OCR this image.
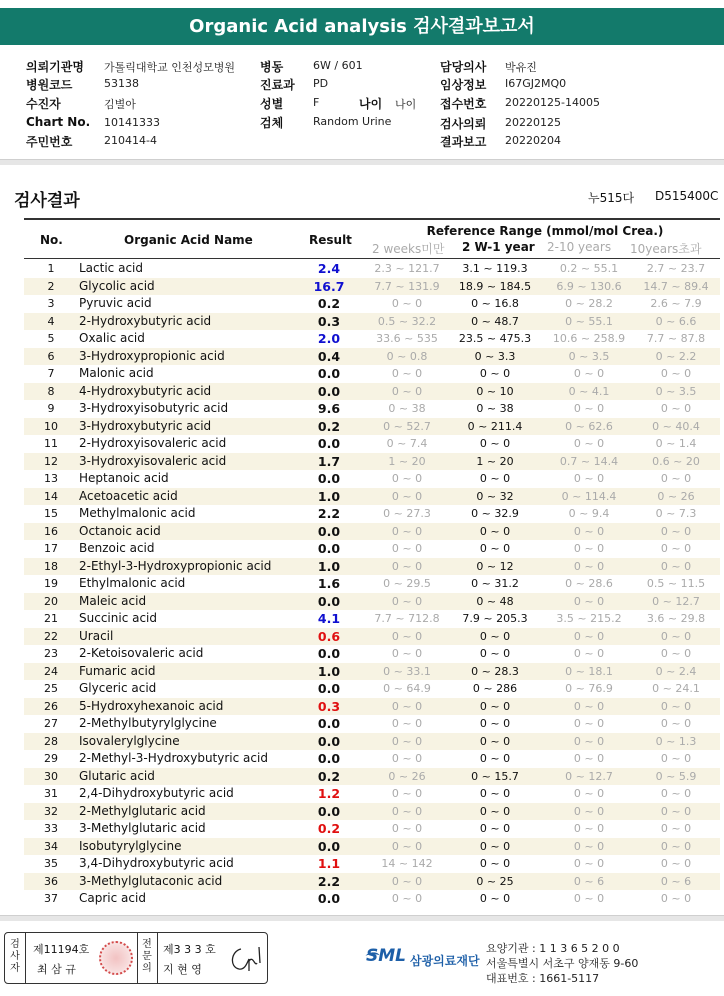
Organic Acid analysis 검사결과보고서
의뢰기관명 가톨릭대학교 인천성모병원
병원코드	53138
수진자	김별아
Chart No. 10141333
주민번호	210414-4
병동	6W / 601
진료과 PD
성별	F	나이 나이
검체	Random Urine
담당의사 박유진
임상정보 I67GJ2MQ0
접수번호 20220125-14005
검사의뢰 20220125
결과보고 20220204
검사결과	누515다 D515400C
No.	Organic Acid Name	Result
Reference Range (mmol/mol Crea.)
2 weeks미만 2 W-1 year 2-10 years 10years초과
1	Lactic acid	2.4	2.3 ~ 121.7	3.1 ~ 119.3	0.2 ~ 55.1	2.7 ~ 23.7
2	Glycolic acid	16.7	7.7 ~ 131.9	18.9 ~ 184.5	6.9 ~ 130.6	14.7 ~ 89.4
3	Pyruvic acid	0.2	0 ~ 0	0 ~ 16.8	0 ~ 28.2	2.6 ~ 7.9
4	2-Hydroxybutyric acid	0.3	0.5 ~ 32.2	0 ~ 48.7	0 ~ 55.1	0 ~ 6.6
5	Oxalic acid	2.0	33.6 ~ 535	23.5 ~ 475.3	10.6 ~ 258.9	7.7 ~ 87.8
6	3-Hydroxypropionic acid	0.4	0 ~ 0.8	0 ~ 3.3	0 ~ 3.5	0 ~ 2.2
7	Malonic acid	0.0	0 ~ 0	0 ~ 0	0 ~ 0	0 ~ 0
8	4-Hydroxybutyric acid	0.0	0 ~ 0	0 ~ 10	0 ~ 4.1	0 ~ 3.5
9	3-Hydroxyisobutyric acid	9.6	0 ~ 38	0 ~ 38	0 ~ 0	0 ~ 0
10	3-Hydroxybutyric acid	0.2	0 ~ 52.7	0 ~ 211.4	0 ~ 62.6	0 ~ 40.4
11	2-Hydroxyisovaleric acid	0.0	0 ~ 7.4	0 ~ 0	0 ~ 0	0 ~ 1.4
12	3-Hydroxyisovaleric acid	1.7	1 ~ 20	1 ~ 20	0.7 ~ 14.4	0.6 ~ 20
13	Heptanoic acid	0.0	0 ~ 0	0 ~ 0	0 ~ 0	0 ~ 0
14	Acetoacetic acid	1.0	0 ~ 0	0 ~ 32	0 ~ 114.4	0 ~ 26
15	Methylmalonic acid	2.2	0 ~ 27.3	0 ~ 32.9	0 ~ 9.4	0 ~ 7.3
16	Octanoic acid	0.0	0 ~ 0	0 ~ 0	0 ~ 0	0 ~ 0
17	Benzoic acid	0.0	0 ~ 0	0 ~ 0	0 ~ 0	0 ~ 0
18	2-Ethyl-3-Hydroxypropionic acid	1.0	0 ~ 0	0 ~ 12	0 ~ 0	0 ~ 0
19	Ethylmalonic acid	1.6	0 ~ 29.5	0 ~ 31.2	0 ~ 28.6	0.5 ~ 11.5
20	Maleic acid	0.0	0 ~ 0	0 ~ 48	0 ~ 0	0 ~ 12.7
21	Succinic acid	4.1	7.7 ~ 712.8	7.9 ~ 205.3	3.5 ~ 215.2	3.6 ~ 29.8
22	Uracil	0.6	0 ~ 0	0 ~ 0	0 ~ 0	0 ~ 0
23	2-Ketoisovaleric acid	0.0	0 ~ 0	0 ~ 0	0 ~ 0	0 ~ 0
24	Fumaric acid	1.0	0 ~ 33.1	0 ~ 28.3	0 ~ 18.1	0 ~ 2.4
25	Glyceric acid	0.0	0 ~ 64.9	0 ~ 286	0 ~ 76.9	0 ~ 24.1
26	5-Hydroxyhexanoic acid	0.3	0 ~ 0	0 ~ 0	0 ~ 0	0 ~ 0
27	2-Methylbutyrylglycine	0.0	0 ~ 0	0 ~ 0	0 ~ 0	0 ~ 0
28	Isovalerylglycine	0.0	0 ~ 0	0 ~ 0	0 ~ 0	0 ~ 1.3
29	2-Methyl-3-Hydroxybutyric acid	0.0	0 ~ 0	0 ~ 0	0 ~ 0	0 ~ 0
30	Glutaric acid	0.2	0 ~ 26	0 ~ 15.7	0 ~ 12.7	0 ~ 5.9
31	2,4-Dihydroxybutyric acid	1.2	0 ~ 0	0 ~ 0	0 ~ 0	0 ~ 0
32	2-Methylglutaric acid	0.0	0 ~ 0	0 ~ 0	0 ~ 0	0 ~ 0
33	3-Methylglutaric acid	0.2	0 ~ 0	0 ~ 0	0 ~ 0	0 ~ 0
34	Isobutyrylglycine	0.0	0 ~ 0	0 ~ 0	0 ~ 0	0 ~ 0
35	3,4-Dihydroxybutyric acid	1.1	14 ~ 142	0 ~ 0	0 ~ 0	0 ~ 0
36	3-Methylglutaconic acid	2.2	0 ~ 0	0 ~ 25	0 ~ 6	0 ~ 6
37	Capric acid	0.0	0 ~ 0	0 ~ 0	0 ~ 0	0 ~ 0
검
사
자
제11194호
최 삼 규
전
문
의
제3 3 3 호
지 현 영
SML 삼광의료재단
요양기관 : 1 1 3 6 5 2 0 0
서울특별시 서초구 양재동 9-60
대표번호 : 1661-5117
